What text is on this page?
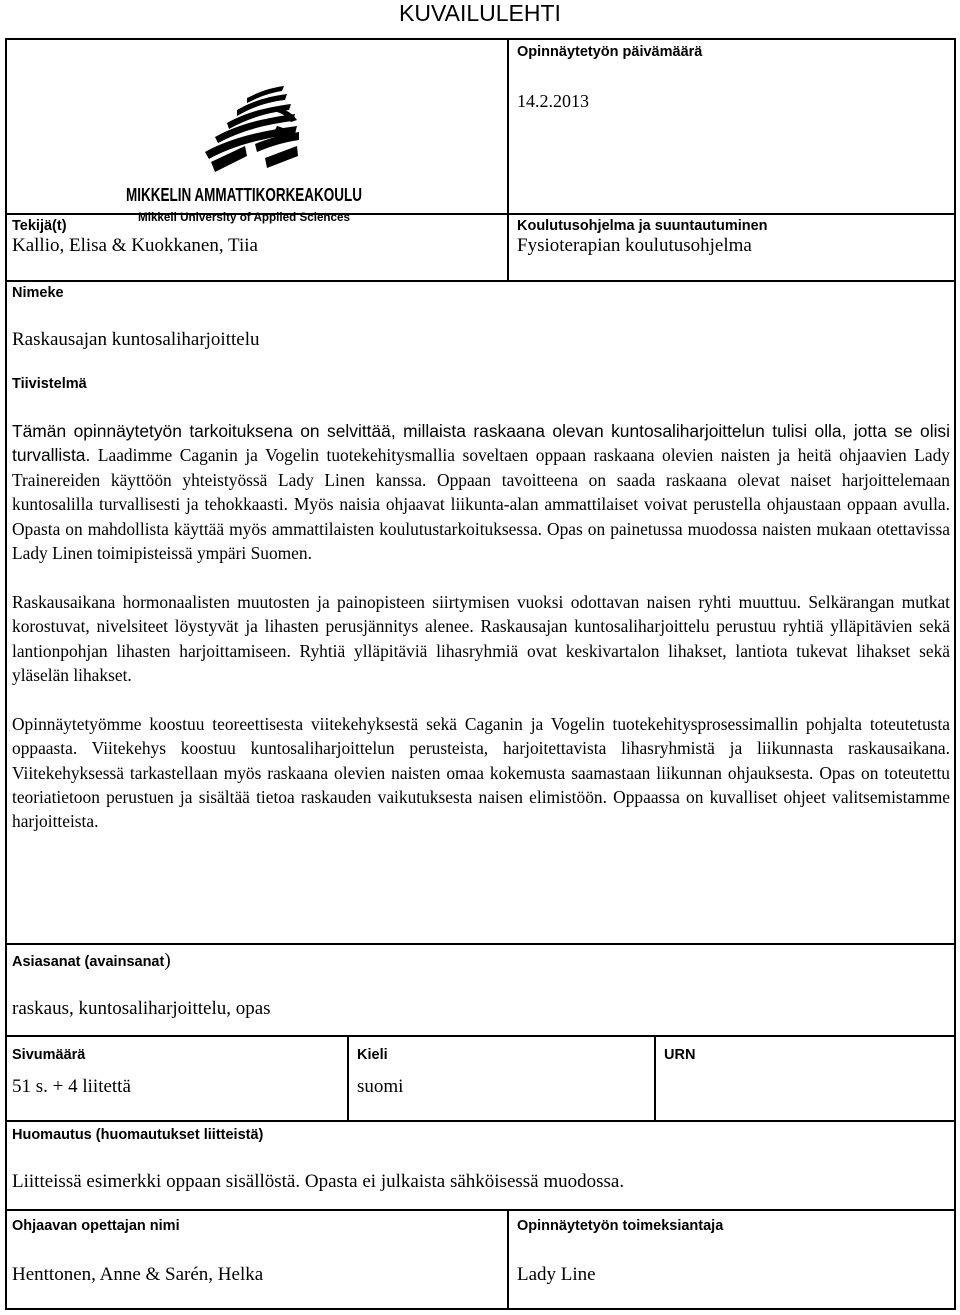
KUVAILULEHTI
MIKKELIN AMMATTIKORKEAKOULU
Mikkeli University of Applied Sciences
Opinnäytetyön päivämäärä
14.2.2013
Tekijä(t)
Kallio, Elisa & Kuokkanen, Tiia
Koulutusohjelma ja suuntautuminen
Fysioterapian koulutusohjelma
Nimeke
Raskausajan kuntosaliharjoittelu
Tiivistelmä

Tämän opinnäytetyön tarkoituksena on selvittää, millaista raskaana olevan kuntosaliharjoittelun tulisi olla, jotta se olisi turvallista. Laadimme Caganin ja Vogelin tuotekehitysmallia soveltaen oppaan raskaana olevien naisten ja heitä ohjaavien Lady Trainereiden käyttöön yhteistyössä Lady Linen kanssa. Oppaan tavoitteena on saada raskaana olevat naiset harjoittelemaan kuntosalilla turvallisesti ja tehokkaasti. Myös naisia ohjaavat liikunta-alan ammattilaiset voivat perustella ohjaustaan oppaan avulla. Opasta on mahdollista käyttää myös ammattilaisten koulutustarkoituksessa. Opas on painetussa muodossa naisten mukaan otettavissa Lady Linen toimipisteissä ympäri Suomen.

Raskausaikana hormonaalisten muutosten ja painopisteen siirtymisen vuoksi odottavan naisen ryhti muuttuu. Selkärangan mutkat korostuvat, nivelsiteet löystyvät ja lihasten perusjännitys alenee. Raskausajan kuntosaliharjoittelu perustuu ryhtiä ylläpitävien sekä lantionpohjan lihasten harjoittamiseen. Ryhtiä ylläpitäviä lihasryhmiä ovat keskivartalon lihakset, lantiota tukevat lihakset sekä yläselän lihakset.

Opinnäytetyömme koostuu teoreettisesta viitekehyksestä sekä Caganin ja Vogelin tuotekehitysprosessimallin pohjalta toteutetusta oppaasta. Viitekehys koostuu kuntosaliharjoittelun perusteista, harjoitettavista lihasryhmistä ja liikunnasta raskausaikana. Viitekehyksessä tarkastellaan myös raskaana olevien naisten omaa kokemusta saamastaan liikunnan ohjauksesta. Opas on toteutettu teoriatietoon perustuen ja sisältää tietoa raskauden vaikutuksesta naisen elimistöön. Oppaassa on kuvalliset ohjeet valitsemistamme harjoitteista.

Asiasanat (avainsanat)
raskaus, kuntosaliharjoittelu, opas
Sivumäärä
51 s. + 4 liitettä
Kieli
suomi
URN
Huomautus (huomautukset liitteistä)
Liitteissä esimerkki oppaan sisällöstä. Opasta ei julkaista sähköisessä muodossa.
Ohjaavan opettajan nimi
Henttonen, Anne & Sarén, Helka
Opinnäytetyön toimeksiantaja
Lady Line
